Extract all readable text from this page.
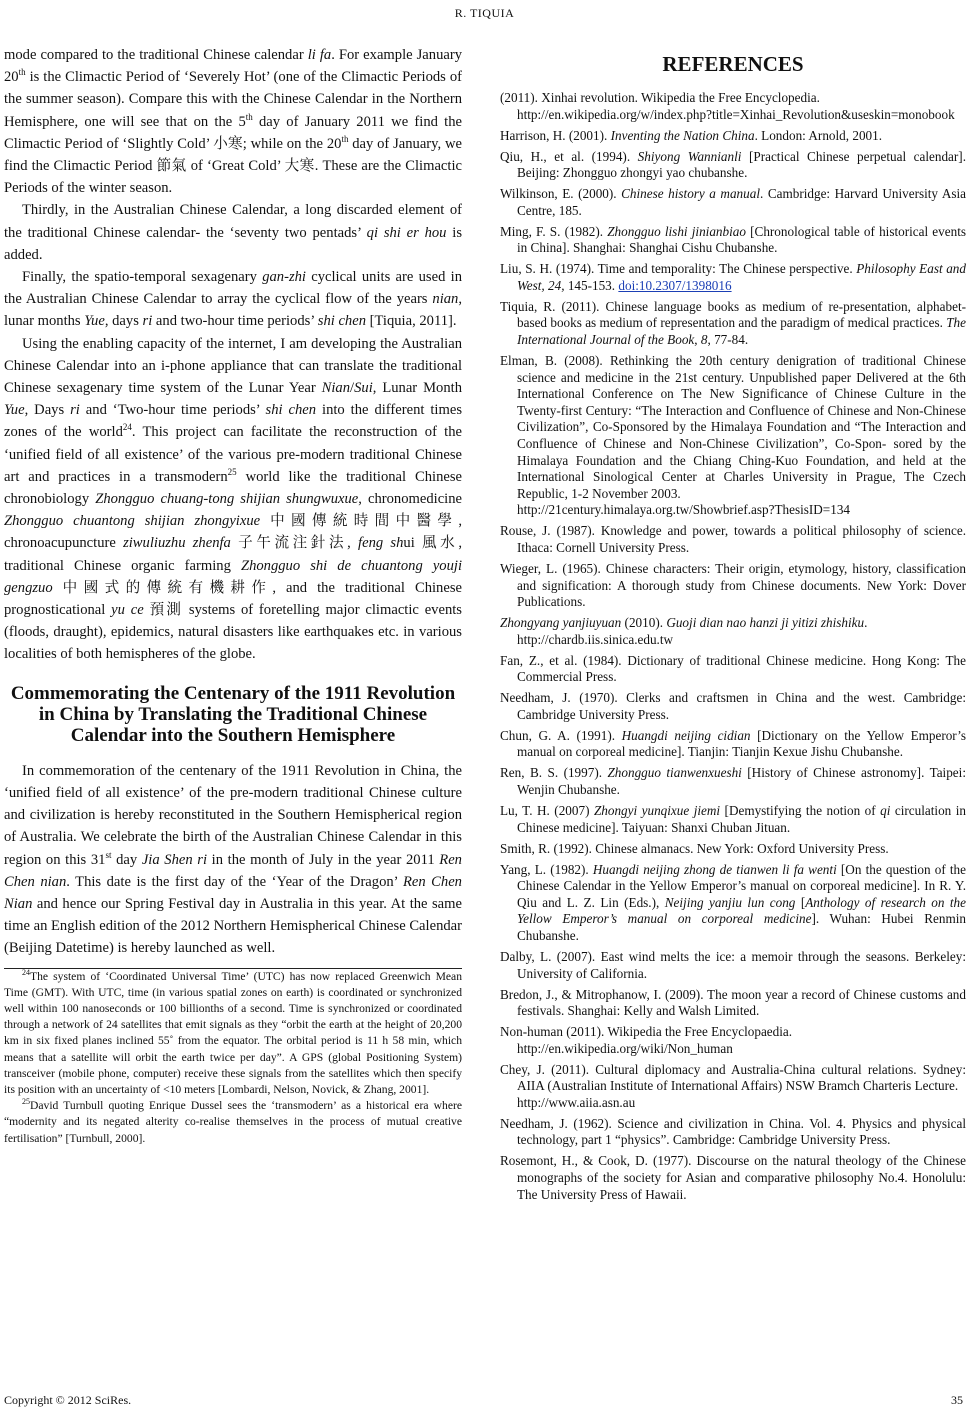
R. TIQUIA

mode compared to the traditional Chinese calendar li fa. For example January 20th is the Climactic Period of ‘Severely Hot’ (one of the Climactic Periods of the summer season). Compare this with the Chinese Calendar in the Northern Hemisphere, one will see that on the 5th day of January 2011 we find the Climactic Period of ‘Slightly Cold’ 小寒; while on the 20th day of January, we find the Climactic Period 節氣 of ‘Great Cold’ 大寒. These are the Climactic Periods of the winter season.

Thirdly, in the Australian Chinese Calendar, a long discarded element of the traditional Chinese calendar- the ‘seventy two pentads’ qi shi er hou is added.

Finally, the spatio-temporal sexagenary gan-zhi cyclical units are used in the Australian Chinese Calendar to array the cyclical flow of the years nian, lunar months Yue, days ri and two-hour time periods’ shi chen [Tiquia, 2011].

Using the enabling capacity of the internet, I am developing the Australian Chinese Calendar into an i-phone appliance that can translate the traditional Chinese sexagenary time system of the Lunar Year Nian/Sui, Lunar Month Yue, Days ri and ‘Two-hour time periods’ shi chen into the different times zones of the world$^{24}$. This project can facilitate the reconstruction of the ‘unified field of all existence’ of the various pre-modern traditional Chinese art and practices in a transmodern$^{25}$ world like the traditional Chinese chronobiology Zhongguo chuang-tong shijian shungwuxue, chronomedicine Zhongguo chuantong shijian zhongyixue 中國傳統時間中醫學, chronoacupuncture ziwuliuzhu zhenfa 子午流注針法, feng shui 風水, traditional Chinese organic farming Zhongguo shi de chuantong youji gengzuo 中國式的傳統有機耕作, and the traditional Chinese prognosticational yu ce 預測 systems of foretelling major climactic events (floods, draught), epidemics, natural disasters like earthquakes etc. in various localities of both hemispheres of the globe.

Commemorating the Centenary of the 1911 Revolution in China by Translating the Traditional Chinese Calendar into the Southern Hemisphere

In commemoration of the centenary of the 1911 Revolution in China, the ‘unified field of all existence’ of the pre-modern traditional Chinese culture and civilization is hereby reconstituted in the Southern Hemispherical region of Australia. We celebrate the birth of the Australian Chinese Calendar in this region on this 31st day Jia Shen ri in the month of July in the year 2011 Ren Chen nian. This date is the first day of the ‘Year of the Dragon’ Ren Chen Nian and hence our Spring Festival day in Australia in this year. At the same time an English edition of the 2012 Northern Hemispherical Chinese Calendar (Beijing Datetime) is hereby launched as well.

$^{24}$The system of ‘Coordinated Universal Time’ (UTC) has now replaced Greenwich Mean Time (GMT). With UTC, time (in various spatial zones on earth) is coordinated or synchronized well within 100 nanoseconds or 100 billionths of a second. Time is synchronized or coordinated through a network of 24 satellites that emit signals as they “orbit the earth at the height of 20,200 km in six fixed planes inclined 55˚ from the equator. The orbital period is 11 h 58 min, which means that a satellite will orbit the earth twice per day”. A GPS (global Positioning System) transceiver (mobile phone, computer) receive these signals from the satellites which then specify its position with an uncertainty of <10 meters [Lombardi, Nelson, Novick, & Zhang, 2001].

$^{25}$David Turnbull quoting Enrique Dussel sees the ‘transmodern’ as a historical era where “modernity and its negated alterity co-realise themselves in the process of mutual creative fertilisation” [Turnbull, 2000].

REFERENCES
(2011). Xinhai revolution. Wikipedia the Free Encyclopedia.
http://en.wikipedia.org/w/index.php?title=Xinhai_Revolution&useskin=monobook
Harrison, H. (2001). Inventing the Nation China. London: Arnold, 2001.
Qiu, H., et al. (1994). Shiyong Wannianli [Practical Chinese perpetual calendar]. Beijing: Zhongguo zhongyi yao chubanshe.
Wilkinson, E. (2000). Chinese history a manual. Cambridge: Harvard University Asia Centre, 185.
Ming, F. S. (1982). Zhongguo lishi jinianbiao [Chronological table of historical events in China]. Shanghai: Shanghai Cishu Chubanshe.
Liu, S. H. (1974). Time and temporality: The Chinese perspective. Philosophy East and West, 24, 145-153. doi:10.2307/1398016
Tiquia, R. (2011). Chinese language books as medium of re-presentation, alphabet-based books as medium of representation and the paradigm of medical practices. The International Journal of the Book, 8, 77-84.
Elman, B. (2008). Rethinking the 20th century denigration of traditional Chinese science and medicine in the 21st century. Unpublished paper Delivered at the 6th International Conference on The New Significance of Chinese Culture in the Twenty-first Century: “The Interaction and Confluence of Chinese and Non-Chinese Civilization”, Co-Sponsored by the Himalaya Foundation and “The Interaction and Confluence of Chinese and Non-Chinese Civilization”, Co-Spon- sored by the Himalaya Foundation and the Chiang Ching-Kuo Foundation, and held at the International Sinological Center at Charles University in Prague, The Czech Republic, 1-2 November 2003.
http://21century.himalaya.org.tw/Showbrief.asp?ThesisID=134
Rouse, J. (1987). Knowledge and power, towards a political philosophy of science. Ithaca: Cornell University Press.
Wieger, L. (1965). Chinese characters: Their origin, etymology, history, classification and signification: A thorough study from Chinese documents. New York: Dover Publications.
Zhongyang yanjiuyuan (2010). Guoji dian nao hanzi ji yitizi zhishiku.
http://chardb.iis.sinica.edu.tw
Fan, Z., et al. (1984). Dictionary of traditional Chinese medicine. Hong Kong: The Commercial Press.
Needham, J. (1970). Clerks and craftsmen in China and the west. Cambridge: Cambridge University Press.
Chun, G. A. (1991). Huangdi neijing cidian [Dictionary on the Yellow Emperor’s manual on corporeal medicine]. Tianjin: Tianjin Kexue Jishu Chubanshe.
Ren, B. S. (1997). Zhongguo tianwenxueshi [History of Chinese astronomy]. Taipei: Wenjin Chubanshe.
Lu, T. H. (2007) Zhongyi yunqixue jiemi [Demystifying the notion of qi circulation in Chinese medicine]. Taiyuan: Shanxi Chuban Jituan.
Smith, R. (1992). Chinese almanacs. New York: Oxford University Press.
Yang, L. (1982). Huangdi neijing zhong de tianwen li fa wenti [On the question of the Chinese Calendar in the Yellow Emperor’s manual on corporeal medicine]. In R. Y. Qiu and L. Z. Lin (Eds.), Neijing yanjiu lun cong [Anthology of research on the Yellow Emperor’s manual on corporeal medicine]. Wuhan: Hubei Renmin Chubanshe.
Dalby, L. (2007). East wind melts the ice: a memoir through the seasons. Berkeley: University of California.
Bredon, J., & Mitrophanow, I. (2009). The moon year a record of Chinese customs and festivals. Shanghai: Kelly and Walsh Limited.
Non-human (2011). Wikipedia the Free Encyclopaedia.
http://en.wikipedia.org/wiki/Non_human
Chey, J. (2011). Cultural diplomacy and Australia-China cultural relations. Sydney: AIIA (Australian Institute of International Affairs) NSW Bramch Charteris Lecture.
http://www.aiia.asn.au
Needham, J. (1962). Science and civilization in China. Vol. 4. Physics and physical technology, part 1 “physics”. Cambridge: Cambridge University Press.
Rosemont, H., & Cook, D. (1977). Discourse on the natural theology of the Chinese monographs of the society for Asian and comparative philosophy No.4. Honolulu: The University Press of Hawaii.
Copyright © 2012 SciRes.	35
